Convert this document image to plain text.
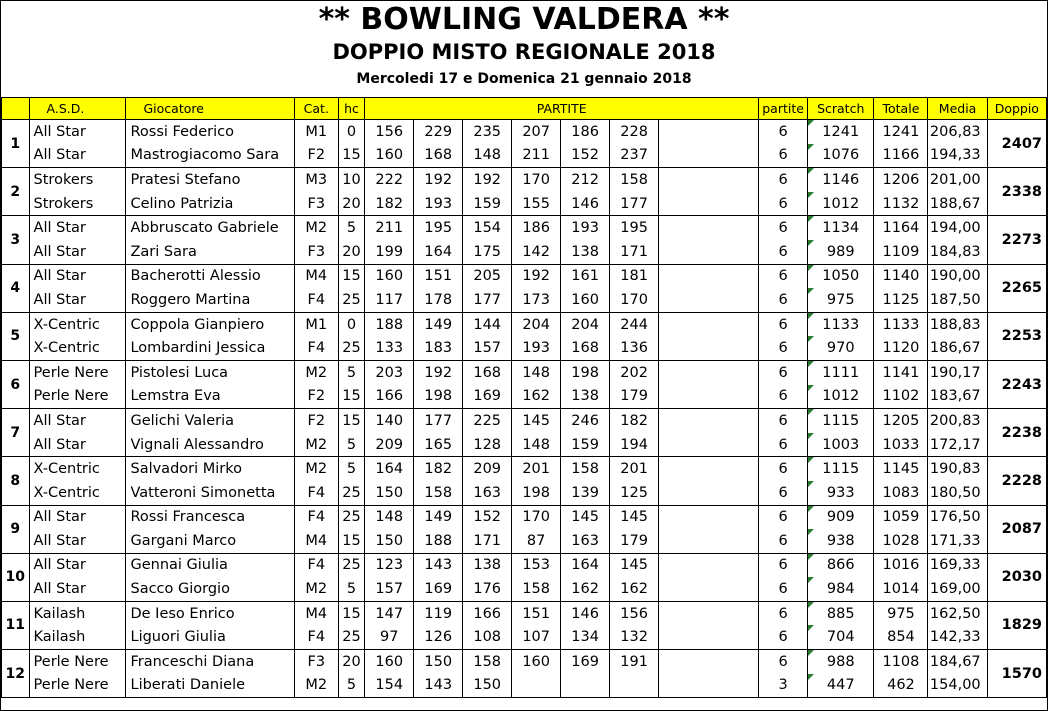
** BOWLING VALDERA **
DOPPIO MISTO REGIONALE 2018
Mercoledi 17 e Domenica 21 gennaio 2018
	A.S.D.	Giocatore	Cat.	hc	PARTITE								partite	Scratch	Totale	Media	Doppio
1	All Star	Rossi Federico	M1	0	156	229	235	207	186	228			6	1241	1241	206,83	2407
	All Star	Mastrogiacomo Sara	F2	15	160	168	148	211	152	237			6	1076	1166	194,33	
2	Strokers	Pratesi Stefano	M3	10	222	192	192	170	212	158			6	1146	1206	201,00	2338
	Strokers	Celino Patrizia	F3	20	182	193	159	155	146	177			6	1012	1132	188,67	
3	All Star	Abbruscato Gabriele	M2	5	211	195	154	186	193	195			6	1134	1164	194,00	2273
	All Star	Zari Sara	F3	20	199	164	175	142	138	171			6	989	1109	184,83	
4	All Star	Bacherotti Alessio	M4	15	160	151	205	192	161	181			6	1050	1140	190,00	2265
	All Star	Roggero Martina	F4	25	117	178	177	173	160	170			6	975	1125	187,50	
5	X-Centric	Coppola Gianpiero	M1	0	188	149	144	204	204	244			6	1133	1133	188,83	2253
	X-Centric	Lombardini Jessica	F4	25	133	183	157	193	168	136			6	970	1120	186,67	
6	Perle Nere	Pistolesi Luca	M2	5	203	192	168	148	198	202			6	1111	1141	190,17	2243
	Perle Nere	Lemstra Eva	F2	15	166	198	169	162	138	179			6	1012	1102	183,67	
7	All Star	Gelichi Valeria	F2	15	140	177	225	145	246	182			6	1115	1205	200,83	2238
	All Star	Vignali Alessandro	M2	5	209	165	128	148	159	194			6	1003	1033	172,17	
8	X-Centric	Salvadori Mirko	M2	5	164	182	209	201	158	201			6	1115	1145	190,83	2228
	X-Centric	Vatteroni Simonetta	F4	25	150	158	163	198	139	125			6	933	1083	180,50	
9	All Star	Rossi Francesca	F4	25	148	149	152	170	145	145			6	909	1059	176,50	2087
	All Star	Gargani Marco	M4	15	150	188	171	87	163	179			6	938	1028	171,33	
10	All Star	Gennai Giulia	F4	25	123	143	138	153	164	145			6	866	1016	169,33	2030
	All Star	Sacco Giorgio	M2	5	157	169	176	158	162	162			6	984	1014	169,00	
11	Kailash	De Ieso Enrico	M4	15	147	119	166	151	146	156			6	885	975	162,50	1829
	Kailash	Liguori Giulia	F4	25	97	126	108	107	134	132			6	704	854	142,33	
12	Perle Nere	Franceschi Diana	F3	20	160	150	158	160	169	191			6	988	1108	184,67	1570
	Perle Nere	Liberati Daniele	M2	5	154	143	150						3	447	462	154,00	
